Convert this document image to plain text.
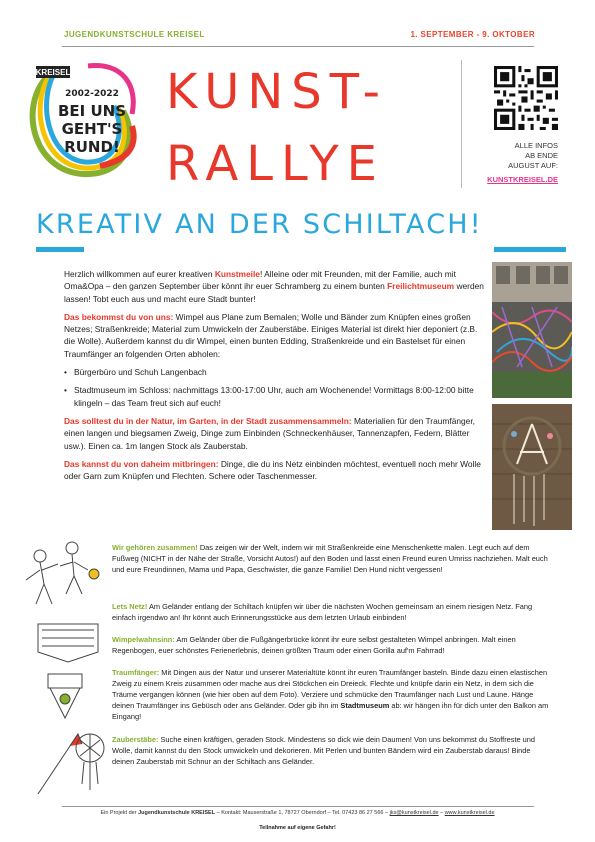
JUGENDKUNSTSCHULE KREISEL	1. SEPTEMBER - 9. OKTOBER
KREISEL
2002-2022
BEI UNS
GEHT'S
RUND!
KUNST-
RALLYE	ALLE INFOS
AB ENDE
AUGUST AUF:
KUNSTKREISEL.DE
KREATIV AN DER SCHILTACH!

Herzlich willkommen auf eurer kreativen Kunstmeile! Alleine oder mit Freunden, mit der Familie, auch mit Oma&Opa – den ganzen September über könnt ihr euer Schramberg zu einem bunten Freilichtmuseum werden lassen! Tobt euch aus und macht eure Stadt bunter!

Das bekommst du von uns: Wimpel aus Plane zum Bemalen; Wolle und Bänder zum Knüpfen eines großen Netzes; Straßenkreide; Material zum Umwickeln der Zauberstäbe. Einiges Material ist direkt hier deponiert (z.B. die Wolle). Außerdem kannst du dir Wimpel, einen bunten Edding, Straßenkreide und ein Bastelset für einen Traumfänger an folgenden Orten abholen:

• Bürgerbüro und Schuh Langenbach

• Stadtmuseum im Schloss: nachmittags 13:00-17:00 Uhr, auch am Wochenende! Vormittags 8:00-12:00 bitte klingeln – das Team freut sich auf euch!

Das solltest du in der Natur, im Garten, in der Stadt zusammensammeln: Materialien für den Traumfänger, einen langen und biegsamen Zweig, Dinge zum Einbinden (Schneckenhäuser, Tannenzapfen, Federn, Blätter usw.). Einen ca. 1m langen Stock als Zauberstab.

Das kannst du von daheim mitbringen: Dinge, die du ins Netz einbinden möchtest, eventuell noch mehr Wolle oder Garn zum Knüpfen und Flechten. Schere oder Taschenmesser.

Wir gehören zusammen! Das zeigen wir der Welt, indem wir mit Straßenkreide eine Menschenkette malen. Legt euch auf dem Fußweg (NICHT in der Nähe der Straße, Vorsicht Autos!) auf den Boden und lasst einen Freund euren Umriss nachziehen. Malt euch und eure Freundinnen, Mama und Papa, Geschwister, die ganze Familie! Den Hund nicht vergessen!

Lets Netz! Am Geländer entlang der Schiltach knüpfen wir über die nächsten Wochen gemeinsam an einem riesigen Netz. Fang einfach irgendwo an! Ihr könnt auch Erinnerungsstücke aus dem letzten Urlaub einbinden!

Wimpelwahnsinn: Am Geländer über die Fußgängerbrücke könnt ihr eure selbst gestalteten Wimpel anbringen. Malt einen Regenbogen, euer schönstes Ferienerlebnis, deinen größten Traum oder einen Gorilla auf'm Fahrrad!

Traumfänger: Mit Dingen aus der Natur und unserer Materialtüte könnt ihr euren Traumfänger basteln. Binde dazu einen elastischen Zweig zu einem Kreis zusammen oder mache aus drei Stöckchen ein Dreieck. Flechte und knüpfe darin ein Netz, in dem sich die Träume vergangen können (wie hier oben auf dem Foto). Verziere und schmücke den Traumfänger nach Lust und Laune. Hänge deinen Traumfänger ins Gebüsch oder ans Geländer. Oder gib ihn im Stadtmuseum ab: wir hängen ihn für dich unter den Balkon am Eingang!

Zauberstäbe: Suche einen kräftigen, geraden Stock. Mindestens so dick wie dein Daumen! Von uns bekommst du Stoffreste und Wolle, damit kannst du den Stock umwickeln und dekorieren. Mit Perlen und bunten Bändern wird ein Zauberstab daraus! Binde deinen Zauberstab mit Schnur an der Schiltach ans Geländer.

Ein Projekt der Jugendkunstschule KREISEL – Kontakt: Mauserstraße 1, 78727 Oberndorf – Tel. 07423 86 27 566 – jks@kunstkreisel.de – www.kunstkreisel.de
Teilnahme auf eigene Gefahr!
